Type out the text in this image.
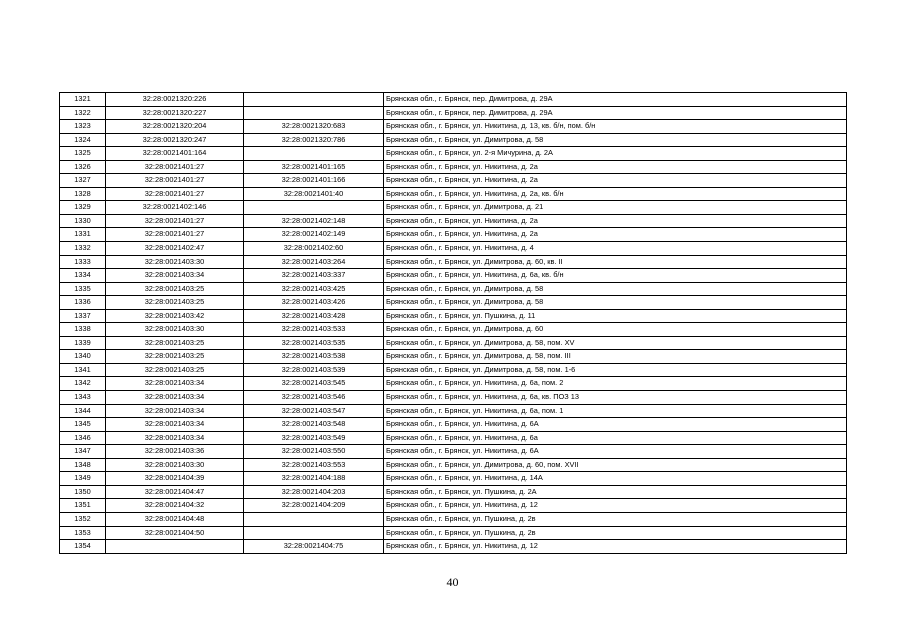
1321	32:28:0021320:226		Брянская обл., г. Брянск, пер. Димитрова, д. 29А
1322	32:28:0021320:227		Брянская обл., г. Брянск, пер. Димитрова, д. 29А
1323	32:28:0021320:204	32:28:0021320:683	Брянская обл., г. Брянск, ул. Никитина, д. 13, кв. б/н, пом. б/н
1324	32:28:0021320:247	32:28:0021320:786	Брянская обл., г. Брянск, ул. Димитрова, д. 58
1325	32:28:0021401:164		Брянская обл., г. Брянск, ул. 2-я Мичурина, д. 2А
1326	32:28:0021401:27	32:28:0021401:165	Брянская обл., г. Брянск, ул. Никитина, д. 2а
1327	32:28:0021401:27	32:28:0021401:166	Брянская обл., г. Брянск, ул. Никитина, д. 2а
1328	32:28:0021401:27	32:28:0021401:40	Брянская обл., г. Брянск, ул. Никитина, д. 2а, кв. б/н
1329	32:28:0021402:146		Брянская обл., г. Брянск, ул. Димитрова, д. 21
1330	32:28:0021401:27	32:28:0021402:148	Брянская обл., г. Брянск, ул. Никитина, д. 2а
1331	32:28:0021401:27	32:28:0021402:149	Брянская обл., г. Брянск, ул. Никитина, д. 2а
1332	32:28:0021402:47	32:28:0021402:60	Брянская обл., г. Брянск, ул. Никитина, д. 4
1333	32:28:0021403:30	32:28:0021403:264	Брянская обл., г. Брянск, ул. Димитрова, д. 60, кв. II
1334	32:28:0021403:34	32:28:0021403:337	Брянская обл., г. Брянск, ул. Никитина, д. 6а, кв. б/н
1335	32:28:0021403:25	32:28:0021403:425	Брянская обл., г. Брянск, ул. Димитрова, д. 58
1336	32:28:0021403:25	32:28:0021403:426	Брянская обл., г. Брянск, ул. Димитрова, д. 58
1337	32:28:0021403:42	32:28:0021403:428	Брянская обл., г. Брянск, ул. Пушкина, д. 11
1338	32:28:0021403:30	32:28:0021403:533	Брянская обл., г. Брянск, ул. Димитрова, д. 60
1339	32:28:0021403:25	32:28:0021403:535	Брянская обл., г. Брянск, ул. Димитрова, д. 58, пом. XV
1340	32:28:0021403:25	32:28:0021403:538	Брянская обл., г. Брянск, ул. Димитрова, д. 58, пом. III
1341	32:28:0021403:25	32:28:0021403:539	Брянская обл., г. Брянск, ул. Димитрова, д. 58, пом. 1-6
1342	32:28:0021403:34	32:28:0021403:545	Брянская обл., г. Брянск, ул. Никитина, д. 6а, пом. 2
1343	32:28:0021403:34	32:28:0021403:546	Брянская обл., г. Брянск, ул. Никитина, д. 6а, кв. ПОЗ 13
1344	32:28:0021403:34	32:28:0021403:547	Брянская обл., г. Брянск, ул. Никитина, д. 6а, пом. 1
1345	32:28:0021403:34	32:28:0021403:548	Брянская обл., г. Брянск, ул. Никитина, д. 6А
1346	32:28:0021403:34	32:28:0021403:549	Брянская обл., г. Брянск, ул. Никитина, д. 6а
1347	32:28:0021403:36	32:28:0021403:550	Брянская обл., г. Брянск, ул. Никитина, д. 6А
1348	32:28:0021403:30	32:28:0021403:553	Брянская обл., г. Брянск, ул. Димитрова, д. 60, пом. XVII
1349	32:28:0021404:39	32:28:0021404:188	Брянская обл., г. Брянск, ул. Никитина, д. 14А
1350	32:28:0021404:47	32:28:0021404:203	Брянская обл., г. Брянск, ул. Пушкина, д. 2А
1351	32:28:0021404:32	32:28:0021404:209	Брянская обл., г. Брянск, ул. Никитина, д. 12
1352	32:28:0021404:48		Брянская обл., г. Брянск, ул. Пушкина, д. 2в
1353	32:28:0021404:50		Брянская обл., г. Брянск, ул. Пушкина, д. 2в
1354		32:28:0021404:75	Брянская обл., г. Брянск, ул. Никитина, д. 12
40
